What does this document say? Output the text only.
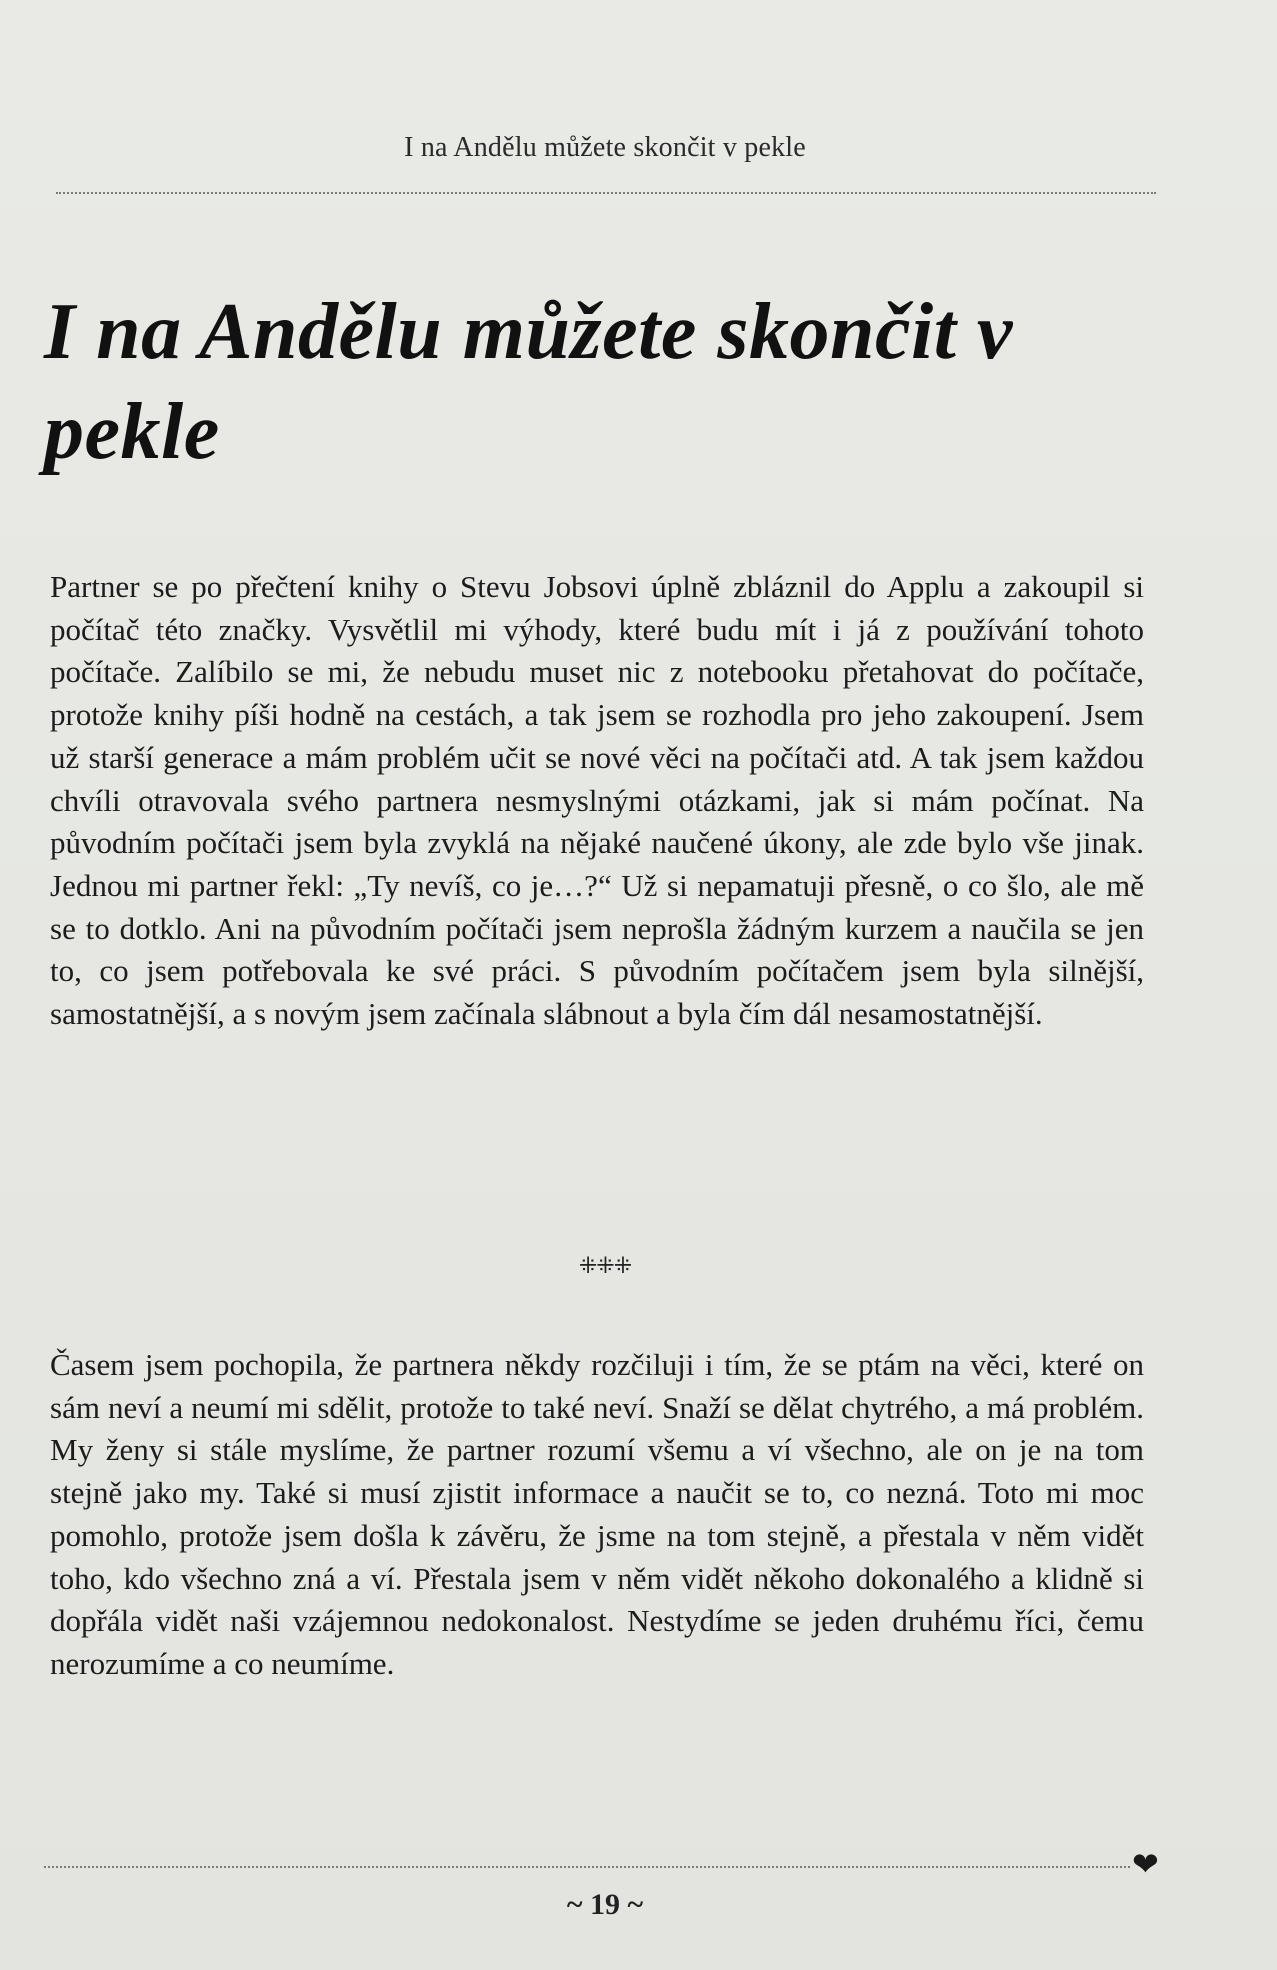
I na Andělu můžete skončit v pekle
I na Andělu můžete skončit v pekle

Partner se po přečtení knihy o Stevu Jobsovi úplně zbláznil do Applu a zakoupil si počítač této značky. Vysvětlil mi výhody, které budu mít i já z používání tohoto počítače. Zalíbilo se mi, že nebudu muset nic z notebooku přetahovat do počítače, protože knihy píši hodně na cestách, a tak jsem se rozhodla pro jeho zakoupení. Jsem už starší generace a mám problém učit se nové věci na počítači atd. A tak jsem každou chvíli otravovala svého partnera nesmyslnými otázkami, jak si mám počínat. Na původním počítači jsem byla zvyklá na nějaké naučené úkony, ale zde bylo vše jinak. Jednou mi partner řekl: „Ty nevíš, co je…?“ Už si nepamatuji přesně, o co šlo, ale mě se to dotklo. Ani na původním počítači jsem neprošla žádným kurzem a naučila se jen to, co jsem potřebovala ke své práci. S původním počítačem jsem byla silnější, samostatnější, a s novým jsem začínala slábnout a byla čím dál nesamostatnější.

⁜⁜⁜

Časem jsem pochopila, že partnera někdy rozčiluji i tím, že se ptám na věci, které on sám neví a neumí mi sdělit, protože to také neví. Snaží se dělat chytrého, a má problém. My ženy si stále myslíme, že partner rozumí všemu a ví všechno, ale on je na tom stejně jako my. Také si musí zjistit informace a naučit se to, co nezná. Toto mi moc pomohlo, protože jsem došla k závěru, že jsme na tom stejně, a přestala v něm vidět toho, kdo všechno zná a ví. Přestala jsem v něm vidět někoho dokonalého a klidně si dopřála vidět naši vzájemnou nedokonalost. Nestydíme se jeden druhému říci, čemu nerozumíme a co neumíme.

❤
~ 19 ~
